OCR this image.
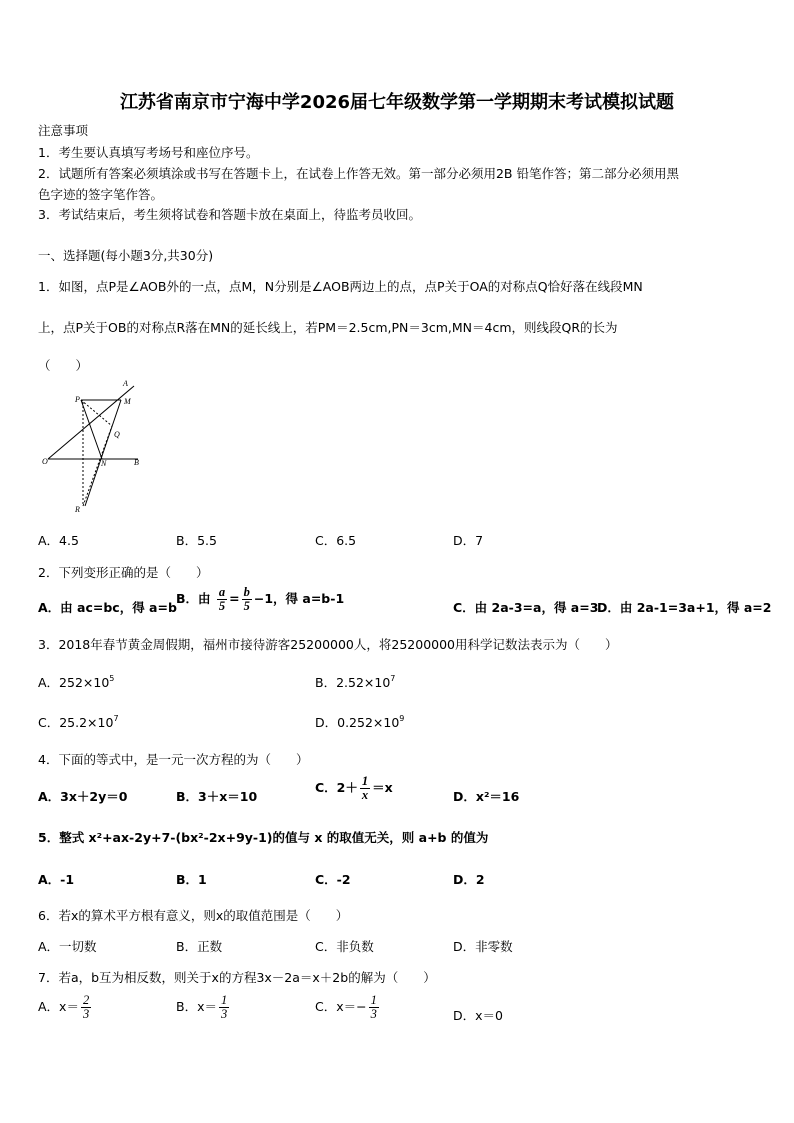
江苏省南京市宁海中学2026届七年级数学第一学期期末考试模拟试题
注意事项
1．考生要认真填写考场号和座位序号。
2．试题所有答案必须填涂或书写在答题卡上，在试卷上作答无效。第一部分必须用2B 铅笔作答；第二部分必须用黑
色字迹的签字笔作答。
3．考试结束后，考生须将试卷和答题卡放在桌面上，待监考员收回。
一、选择题(每小题3分,共30分)
1．如图，点P是∠AOB外的一点，点M，N分别是∠AOB两边上的点，点P关于OA的对称点Q恰好落在线段MN
上，点P关于OB的对称点R落在MN的延长线上，若PM＝2.5cm,PN＝3cm,MN＝4cm，则线段QR的长为
（　　）
A
M
P
Q
O	N	B
R
A．4.5	B．5.5	C．6.5	D．7
2．下列变形正确的是（　　）
A．由 ac=bc，得 a=b
B．由 $\frac{a}{5} = \frac{b}{5} -1$，得 a=b-1
C．由 2a-3=a，得 a=3
D．由 2a-1=3a+1，得 a=2
3．2018年春节黄金周假期，福州市接待游客25200000人，将25200000用科学记数法表示为（　　）
A．$252\times 10^5$	B．$2.52\times 10^7$
C．$25.2\times 10^7$	D．$0.252\times 10^9$
4．下面的等式中，是一元一次方程的为（　　）
A．3x＋2y＝0	B．3＋x＝10
C．$2+ \frac{1}{x} =x$
D．x²＝16
5．整式 x²+ax-2y+7-(bx²-2x+9y-1)的值与 x 的取值无关，则 a+b 的值为
A．-1	B．1	C．-2	D．2
6．若x的算术平方根有意义，则x的取值范围是（　　）
A．一切数	B．正数	C．非负数	D．非零数
7．若a，b互为相反数，则关于x的方程3x－2a＝x＋2b的解为（　　）
A．$x= \frac{2}{3}$	B．$x= \frac{1}{3}$	C．$x=- \frac{1}{3}$	D．x＝0
